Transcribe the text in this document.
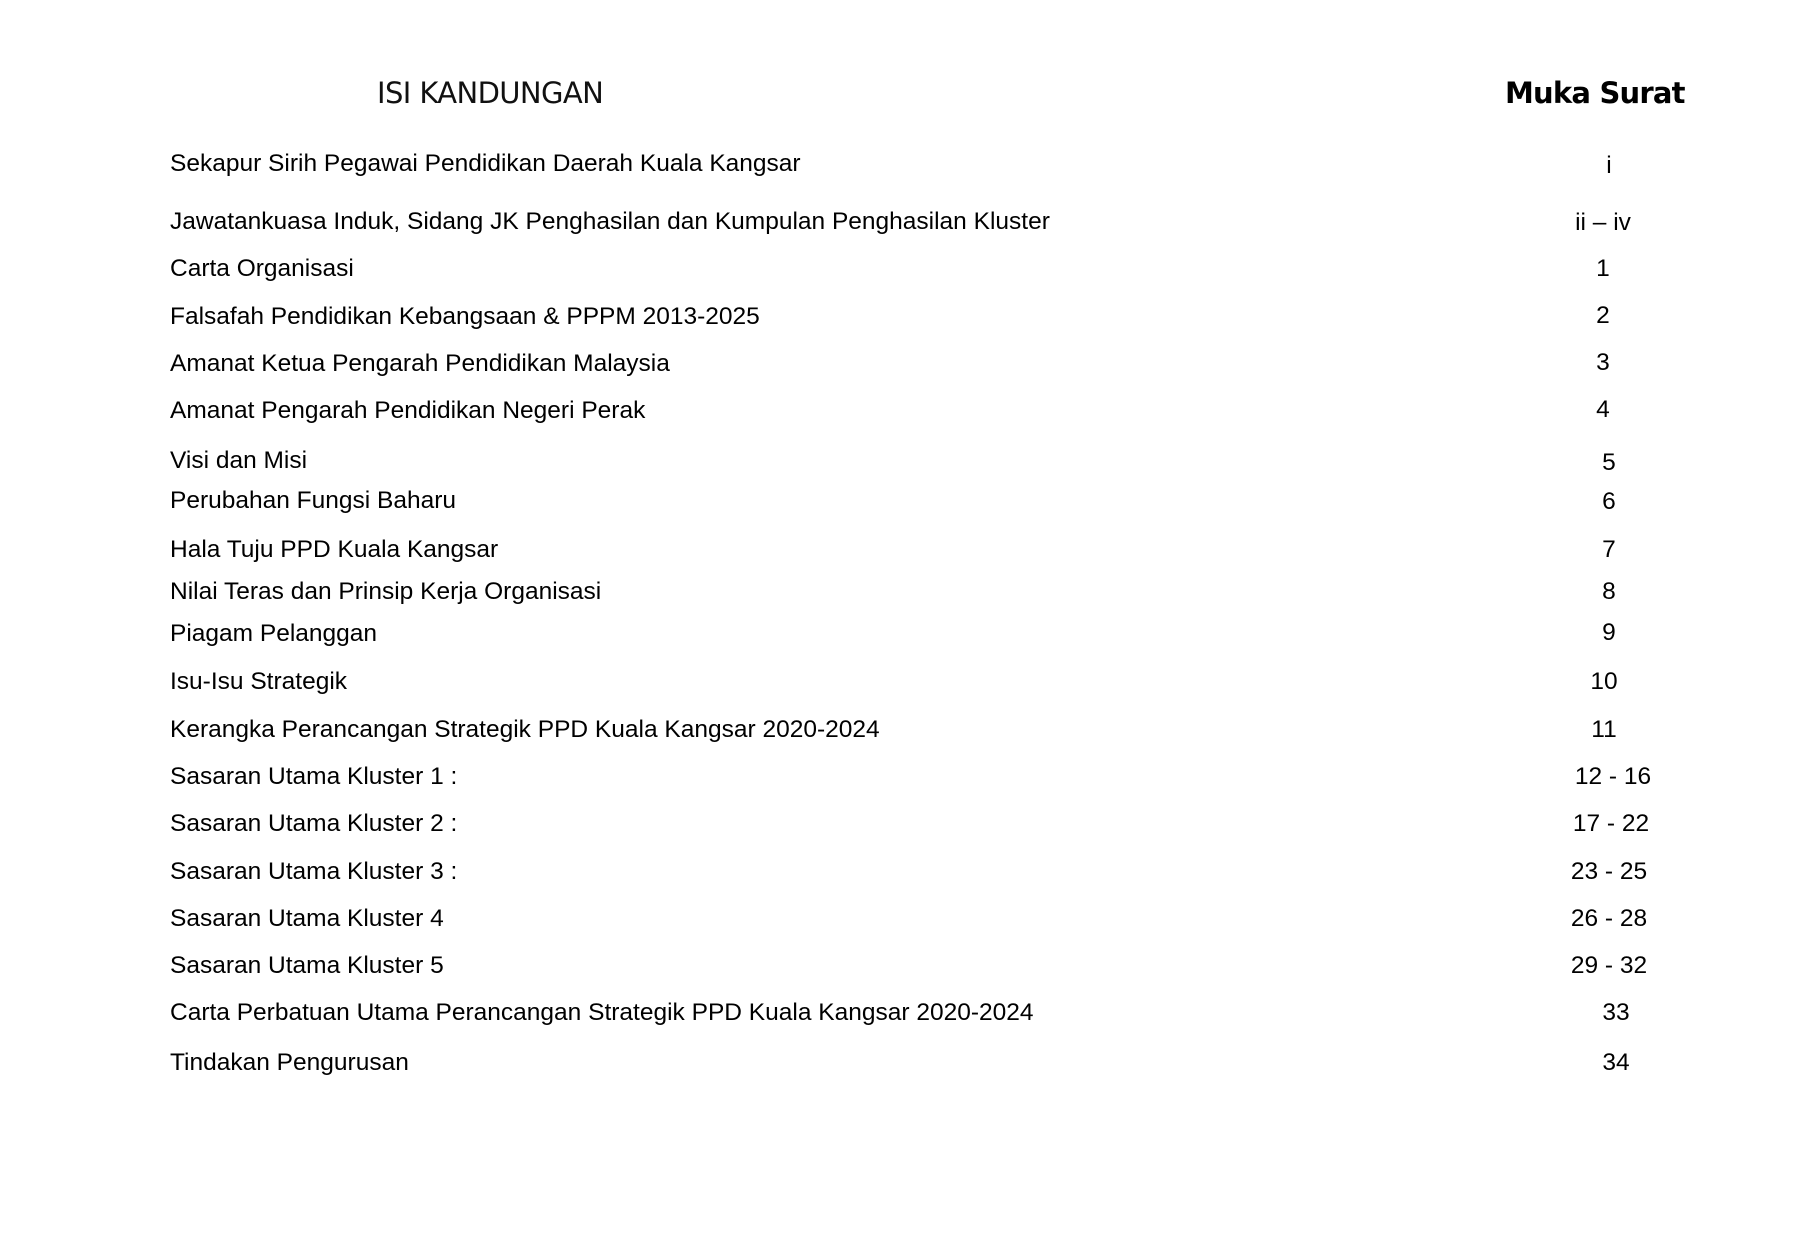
ISI KANDUNGAN	Muka Surat
Sekapur Sirih Pegawai Pendidikan Daerah Kuala Kangsar	i
Jawatankuasa Induk, Sidang JK Penghasilan dan Kumpulan Penghasilan Kluster	ii – iv
Carta Organisasi	1
Falsafah Pendidikan Kebangsaan & PPPM 2013-2025	2
Amanat Ketua Pengarah Pendidikan Malaysia	3
Amanat Pengarah Pendidikan Negeri Perak	4
Visi dan Misi	5
Perubahan Fungsi Baharu	6
Hala Tuju PPD Kuala Kangsar	7
Nilai Teras dan Prinsip Kerja Organisasi	8
Piagam Pelanggan	9
Isu-Isu Strategik	10
Kerangka Perancangan Strategik PPD Kuala Kangsar 2020-2024	11
Sasaran Utama Kluster 1 :	12 - 16
Sasaran Utama Kluster 2 :	17 - 22
Sasaran Utama Kluster 3 :	23 - 25
Sasaran Utama Kluster 4	26 - 28
Sasaran Utama Kluster 5	29 - 32
Carta Perbatuan Utama Perancangan Strategik PPD Kuala Kangsar 2020-2024	33
Tindakan Pengurusan	34
